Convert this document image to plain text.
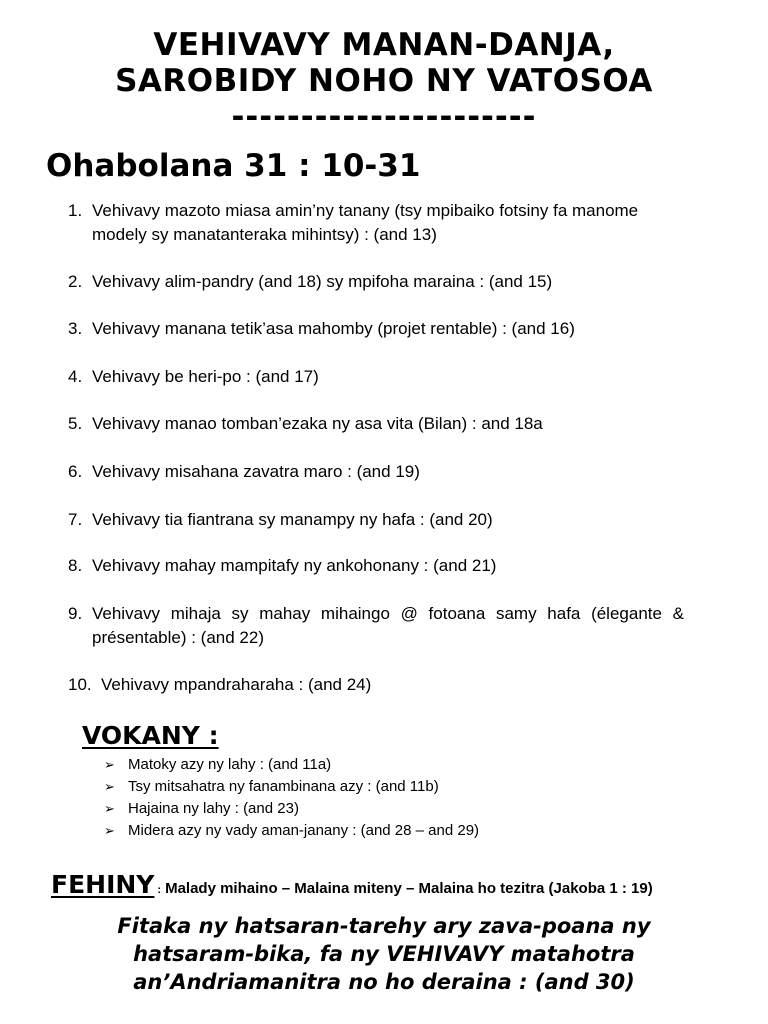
VEHIVAVY MANAN-DANJA,
SAROBIDY NOHO NY VATOSOA
----------------------
Ohabolana 31 : 10-31
1. Vehivavy mazoto miasa amin’ny tanany (tsy mpibaiko fotsiny fa manome modely sy manatanteraka mihintsy) : (and 13)
2. Vehivavy alim-pandry (and 18) sy mpifoha maraina : (and 15)
3. Vehivavy manana tetik’asa mahomby (projet rentable) : (and 16)
4. Vehivavy be heri-po : (and 17)
5. Vehivavy manao tomban’ezaka ny asa vita (Bilan) : and 18a
6. Vehivavy misahana zavatra maro : (and 19)
7. Vehivavy tia fiantrana sy manampy ny hafa : (and 20)
8. Vehivavy mahay mampitafy ny ankohonany : (and 21)
9. Vehivavy mihaja sy mahay mihaingo @ fotoana samy hafa (élegante & présentable) : (and 22)
10. Vehivavy mpandraharaha : (and 24)
VOKANY :
➢ Matoky azy ny lahy : (and 11a)
➢ Tsy mitsahatra ny fanambinana azy : (and 11b)
➢ Hajaina ny lahy : (and 23)
➢ Midera azy ny vady aman-janany : (and 28 – and 29)
FEHINY : Malady mihaino – Malaina miteny – Malaina ho tezitra (Jakoba 1 : 19)
Fitaka ny hatsaran-tarehy ary zava-poana ny
hatsaram-bika, fa ny VEHIVAVY matahotra
an’Andriamanitra no ho deraina : (and 30)
